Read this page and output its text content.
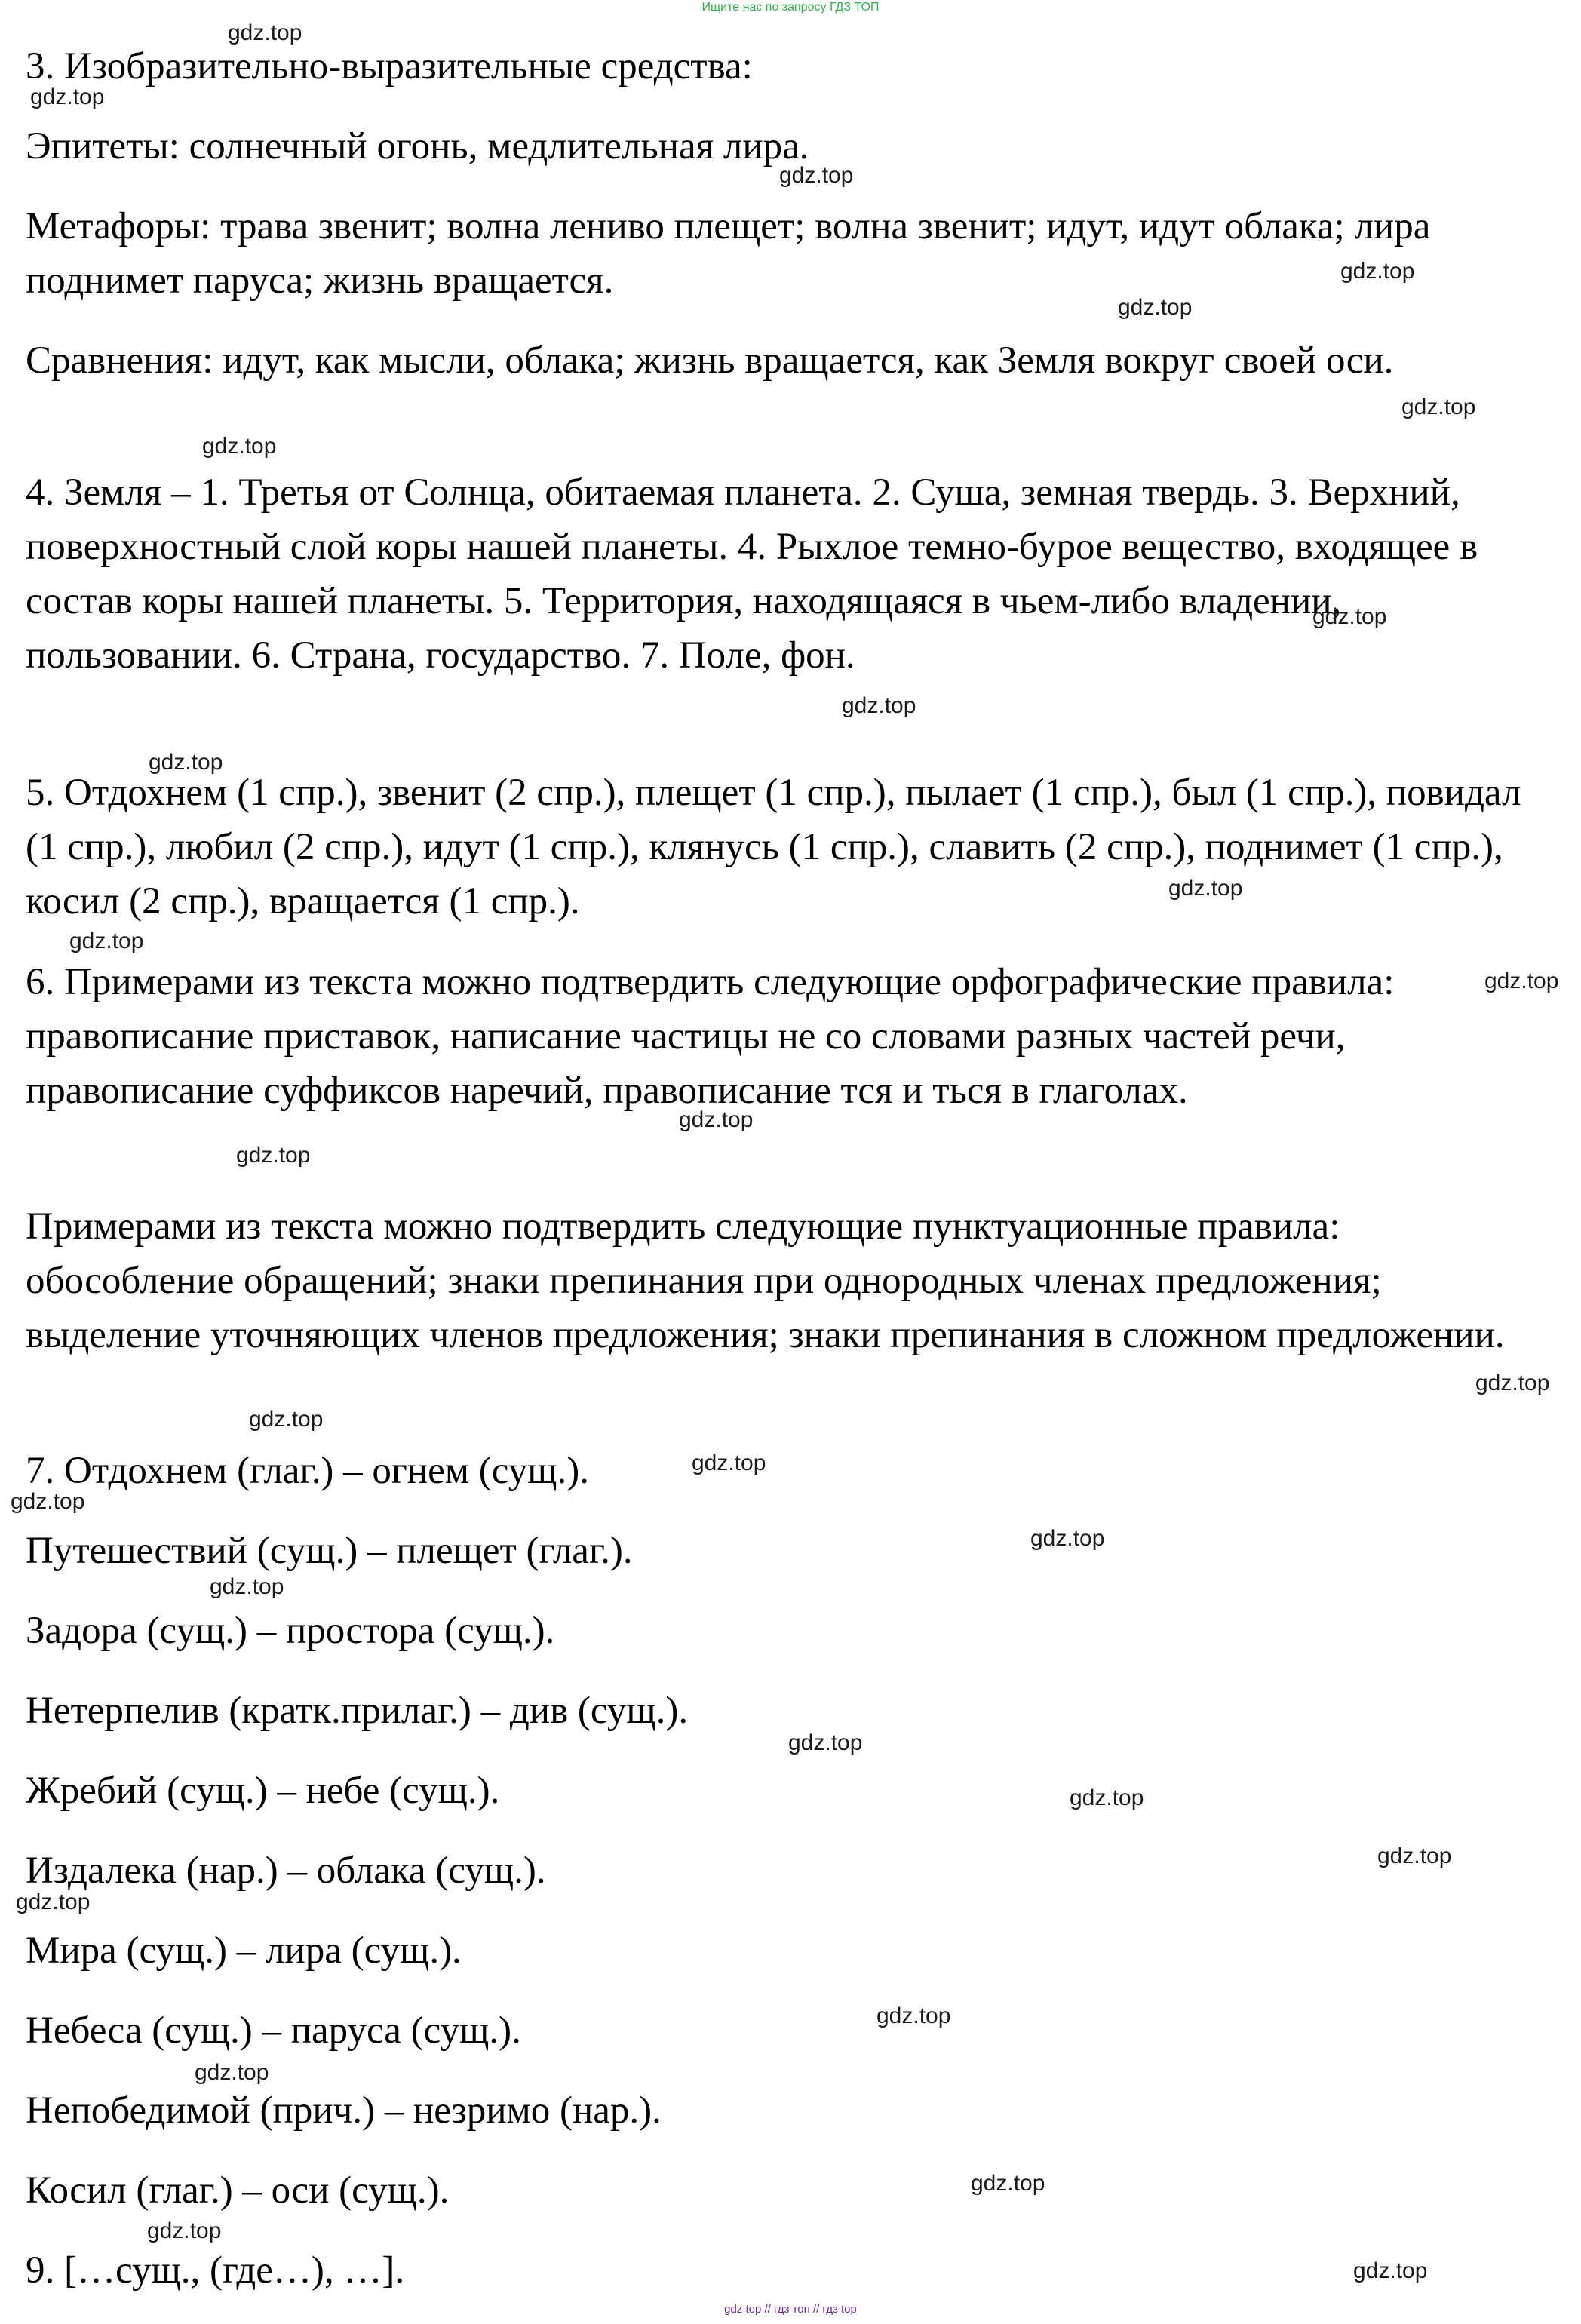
Ищите нас по запросу ГДЗ ТОП

3. Изобразительно-выразительные средства:

Эпитеты: солнечный огонь, медлительная лира.

Метафоры: трава звенит; волна лениво плещет; волна звенит; идут, идут облака; лира поднимет паруса; жизнь вращается.

Сравнения: идут, как мысли, облака; жизнь вращается, как Земля вокруг своей оси.

4. Земля – 1. Третья от Солнца, обитаемая планета. 2. Суша, земная твердь. 3. Верхний, поверхностный слой коры нашей планеты. 4. Рыхлое темно-бурое вещество, входящее в состав коры нашей планеты. 5. Территория, находящаяся в чьем-либо владении, пользовании. 6. Страна, государство. 7. Поле, фон.

5. Отдохнем (1 спр.), звенит (2 спр.), плещет (1 спр.), пылает (1 спр.), был (1 спр.), повидал (1 спр.), любил (2 спр.), идут (1 спр.), клянусь (1 спр.), славить (2 спр.), поднимет (1 спр.), косил (2 спр.), вращается (1 спр.).

6. Примерами из текста можно подтвердить следующие орфографические правила: правописание приставок, написание частицы не со словами разных частей речи, правописание суффиксов наречий, правописание тся и ться в глаголах.

Примерами из текста можно подтвердить следующие пунктуационные правила: обособление обращений; знаки препинания при однородных членах предложения; выделение уточняющих членов предложения; знаки препинания в сложном предложении.

7. Отдохнем (глаг.) – огнем (сущ.).

Путешествий (сущ.) – плещет (глаг.).

Задора (сущ.) – простора (сущ.).

Нетерпелив (кратк.прилаг.) – див (сущ.).

Жребий (сущ.) – небе (сущ.).

Издалека (нар.) – облака (сущ.).

Мира (сущ.) – лира (сущ.).

Небеса (сущ.) – паруса (сущ.).

Непобедимой (прич.) – незримо (нар.).

Косил (глаг.) – оси (сущ.).

9. […сущ., (где…), …].

gdz.top
gdz.top
gdz.top
gdz.top
gdz.top
gdz.top
gdz.top
gdz.top
gdz.top
gdz.top
gdz.top
gdz.top
gdz.top
gdz.top
gdz.top
gdz.top
gdz.top
gdz.top
gdz.top
gdz.top
gdz.top
gdz.top
gdz.top
gdz.top
gdz.top
gdz.top
gdz.top
gdz.top
gdz.top
gdz.top
gdz top // гдз топ // гдз top
